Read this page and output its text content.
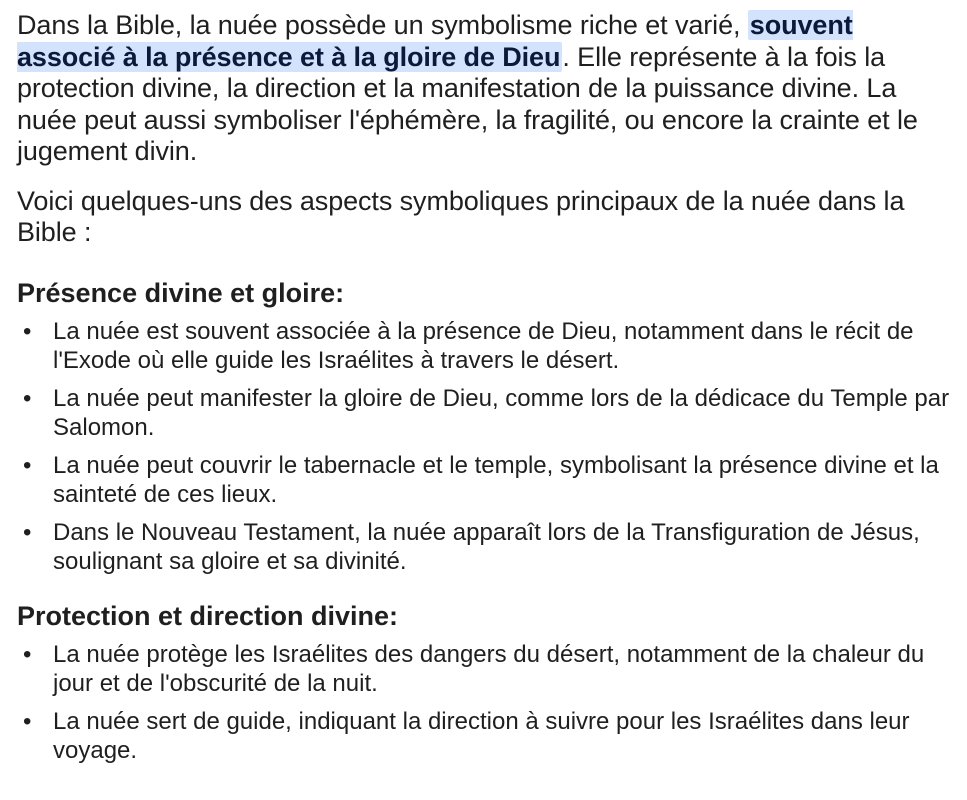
Dans la Bible, la nuée possède un symbolisme riche et varié, souvent associé à la présence et à la gloire de Dieu. Elle représente à la fois la protection divine, la direction et la manifestation de la puissance divine. La nuée peut aussi symboliser l'éphémère, la fragilité, ou encore la crainte et le jugement divin.

Voici quelques-uns des aspects symboliques principaux de la nuée dans la Bible :

Présence divine et gloire:
• La nuée est souvent associée à la présence de Dieu, notamment dans le récit de l'Exode où elle guide les Israélites à travers le désert.
• La nuée peut manifester la gloire de Dieu, comme lors de la dédicace du Temple par Salomon.
• La nuée peut couvrir le tabernacle et le temple, symbolisant la présence divine et la sainteté de ces lieux.
• Dans le Nouveau Testament, la nuée apparaît lors de la Transfiguration de Jésus, soulignant sa gloire et sa divinité.
Protection et direction divine:
• La nuée protège les Israélites des dangers du désert, notamment de la chaleur du jour et de l'obscurité de la nuit.
• La nuée sert de guide, indiquant la direction à suivre pour les Israélites dans leur voyage.
